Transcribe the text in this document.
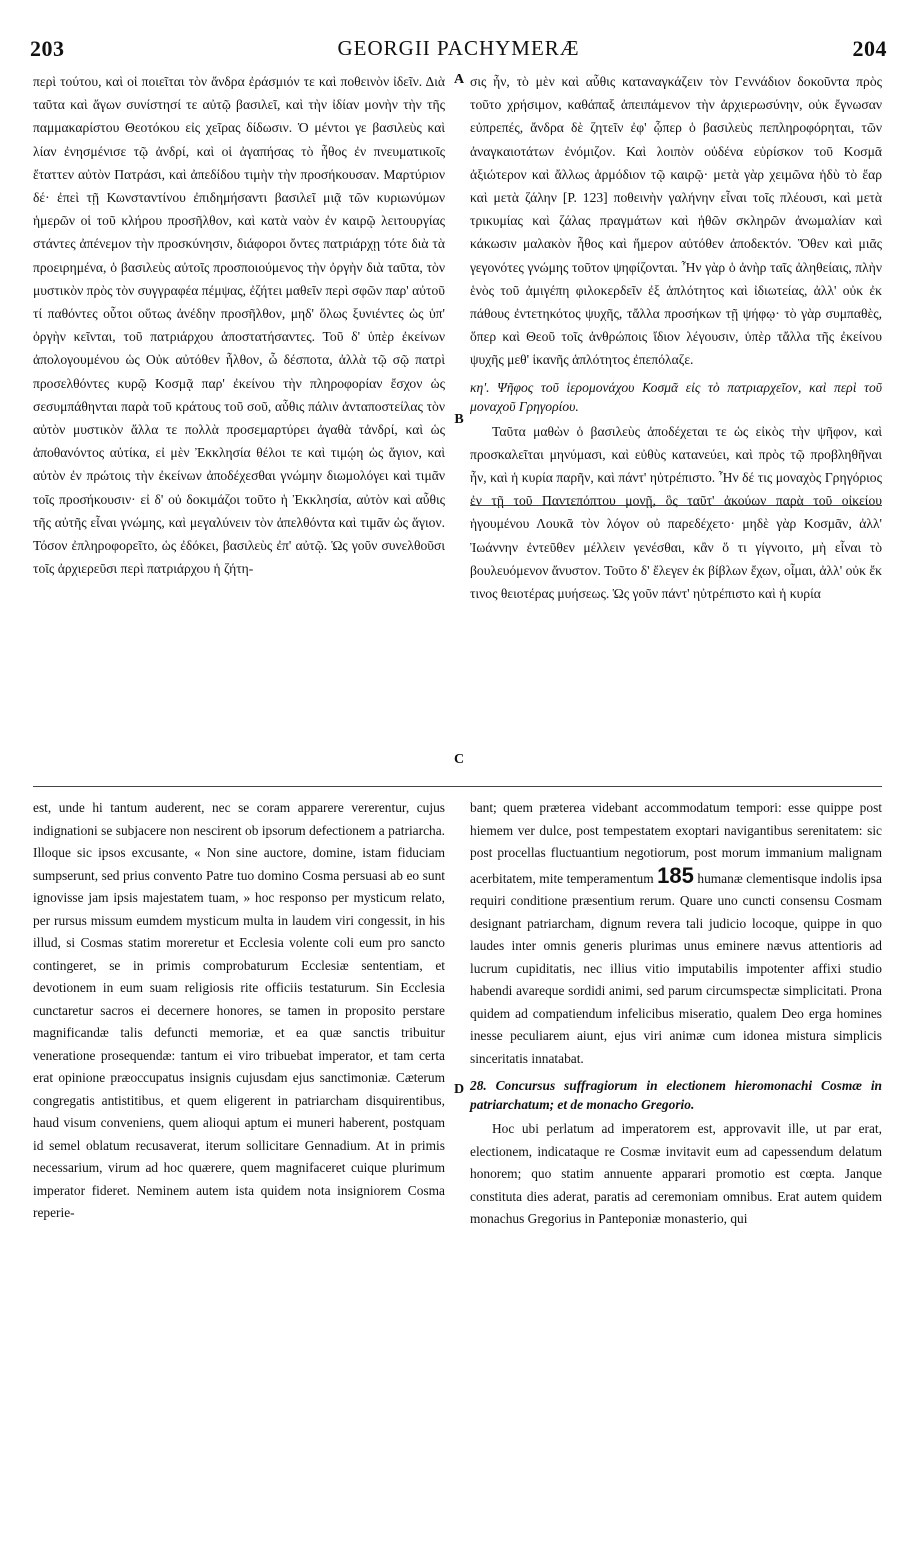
203	GEORGII PACHYMERÆ	204

περὶ τούτου, καὶ οἱ ποιεῖται τὸν ἄνδρα ἐράσμιόν τε καὶ ποθεινὸν ἰδεῖν. Διὰ ταῦτα καὶ ἄγων συνίστησί τε αὐτῷ βασιλεῖ, καὶ τὴν ἰδίαν μονὴν τὴν τῆς παμμακαρίστου Θεοτόκου εἰς χεῖρας δίδωσιν. Ὁ μέντοι γε βασιλεὺς καὶ λίαν ἐνησμένισε τῷ ἀνδρί, καὶ οἱ ἀγαπήσας τὸ ἦθος ἐν πνευματικοῖς ἔταττεν αὐτὸν Πατράσι, καὶ ἀπεδίδου τιμὴν τὴν προσήκουσαν. Μαρτύριον δέ· ἐπεὶ τῇ Κωνσταντίνου ἐπιδημήσαντι βασιλεῖ μιᾷ τῶν κυριωνύμων ἡμερῶν οἱ τοῦ κλήρου προσῆλθον, καὶ κατὰ ναὸν ἐν καιρῷ λειτουργίας στάντες ἀπένεμον τὴν προσκύνησιν, διάφοροι ὄντες πατριάρχῃ τότε διὰ τὰ προειρημένα, ὁ βασιλεὺς αὐτοῖς προσποιούμενος τὴν ὀργὴν διὰ ταῦτα, τὸν μυστικὸν πρὸς τὸν συγγραφέα πέμψας, ἐζήτει μαθεῖν περὶ σφῶν παρ' αὐτοῦ τί παθόντες οὗτοι οὕτως ἀνέδην προσῆλθον, μηδ' ὅλως ξυνιέντες ὡς ὑπ' ὀργὴν κεῖνται, τοῦ πατριάρχου ἀποστατήσαντες. Τοῦ δ' ὑπὲρ ἐκείνων ἀπολογουμένου ὡς Οὐκ αὐτόθεν ἦλθον, ὦ δέσποτα, ἀλλὰ τῷ σῷ πατρὶ προσελθόντες κυρῷ Κοσμᾷ παρ' ἐκείνου τὴν πληροφορίαν ἔσχον ὡς σεσυμπάθηνται παρὰ τοῦ κράτους τοῦ σοῦ, αὖθις πάλιν ἀνταποστείλας τὸν αὐτὸν μυστικὸν ἄλλα τε πολλὰ προσεμαρτύρει ἀγαθὰ τἀνδρί, καὶ ὡς ἀποθανόντος αὐτίκα, εἰ μὲν Ἐκκλησία θέλοι τε καὶ τιμῴη ὡς ἅγιον, καὶ αὐτὸν ἐν πρώτοις τὴν ἐκείνων ἀποδέχεσθαι γνώμην διωμολόγει καὶ τιμᾶν τοῖς προσήκουσιν· εἰ δ' οὐ δοκιμάζοι τοῦτο ἡ Ἐκκλησία, αὐτὸν καὶ αὖθις τῆς αὐτῆς εἶναι γνώμης, καὶ μεγαλύνειν τὸν ἀπελθόντα καὶ τιμᾶν ὡς ἅγιον. Τόσον ἐπληροφορεῖτο, ὡς ἐδόκει, βασιλεὺς ἐπ' αὐτῷ. Ὡς γοῦν συνελθοῦσι τοῖς ἀρχιερεῦσι περὶ πατριάρχου ἡ ζήτη-

σις ἦν, τὸ μὲν καὶ αὖθις καταναγκάζειν τὸν Γεννάδιον δοκοῦντα πρὸς τοῦτο χρήσιμον, καθάπαξ ἀπειπάμενον τὴν ἀρχιερωσύνην, οὐκ ἔγνωσαν εὐπρεπές, ἄνδρα δὲ ζητεῖν ἐφ' ᾧπερ ὁ βασιλεὺς πεπληροφόρηται, τῶν ἀναγκαιοτάτων ἐνόμιζον. Καὶ λοιπὸν οὐδένα εὑρίσκον τοῦ Κοσμᾶ ἀξιώτερον καὶ ἄλλως ἁρμόδιον τῷ καιρῷ· μετὰ γὰρ χειμῶνα ἡδὺ τὸ ἔαρ καὶ μετὰ ζάλην [P. 123] ποθεινὴν γαλήνην εἶναι τοῖς πλέουσι, καὶ μετὰ τρικυμίας καὶ ζάλας πραγμάτων καὶ ἠθῶν σκληρῶν ἀνωμαλίαν καὶ κάκωσιν μαλακὸν ἦθος καὶ ἥμερον αὐτόθεν ἀποδεκτόν. Ὅθεν καὶ μιᾶς γεγονότες γνώμης τοῦτον ψηφίζονται. Ἦν γὰρ ὁ ἀνὴρ ταῖς ἀληθείαις, πλὴν ἑνὸς τοῦ ἀμιγέπη φιλοκερδεῖν ἐξ ἁπλότητος καὶ ἰδιωτείας, ἀλλ' οὐκ ἐκ πάθους ἐντετηκότος ψυχῆς, τἄλλα προσήκων τῇ ψήφῳ· τὸ γὰρ συμπαθὲς, ὅπερ καὶ Θεοῦ τοῖς ἀνθρώποις ἴδιον λέγουσιν, ὑπὲρ τἄλλα τῆς ἐκείνου ψυχῆς μεθ' ἱκανῆς ἁπλότητος ἐπεπόλαζε.

κη'. Ψῆφος τοῦ ἱερομονάχου Κοσμᾶ εἰς τὸ πατριαρχεῖον, καὶ περὶ τοῦ μοναχοῦ Γρηγορίου.

Ταῦτα μαθὼν ὁ βασιλεὺς ἀποδέχεται τε ὡς εἰκὸς τὴν ψῆφον, καὶ προσκαλεῖται μηνύμασι, καὶ εὐθὺς κατανεύει, καὶ πρὸς τῷ προβληθῆναι ἦν, καὶ ἡ κυρία παρῆν, καὶ πάντ' ηὐτρέπιστο. Ἦν δέ τις μοναχὸς Γρηγόριος ἐν τῇ τοῦ Παντεπόπτου μονῇ, ὃς ταῦτ' ἀκούων παρὰ τοῦ οἰκείου ἡγουμένου Λουκᾶ τὸν λόγον οὐ παρεδέχετο· μηδὲ γὰρ Κοσμᾶν, ἀλλ' Ἰωάννην ἐντεῦθεν μέλλειν γενέσθαι, κἂν ὅ τι γίγνοιτο, μὴ εἶναι τὸ βουλευόμενον ἄνυστον. Τοῦτο δ' ἔλεγεν ἐκ βίβλων ἔχων, οἶμαι, ἀλλ' οὐκ ἔκ τινος θειοτέρας μυήσεως. Ὡς γοῦν πάντ' ηὐτρέπιστο καὶ ἡ κυρία

A
B
C
D

est, unde hi tantum auderent, nec se coram apparere vererentur, cujus indignationi se subjacere non nescirent ob ipsorum defectionem a patriarcha. Illoque sic ipsos excusante, « Non sine auctore, domine, istam fiduciam sumpserunt, sed prius convento Patre tuo domino Cosma persuasi ab eo sunt ignovisse jam ipsis majestatem tuam, » hoc responso per mysticum relato, per rursus missum eumdem mysticum multa in laudem viri congessit, in his illud, si Cosmas statim moreretur et Ecclesia volente coli eum pro sancto contingeret, se in primis comprobaturum Ecclesiæ sententiam, et devotionem in eum suam religiosis rite officiis testaturum. Sin Ecclesia cunctaretur sacros ei decernere honores, se tamen in proposito perstare magnificandæ talis defuncti memoriæ, et ea quæ sanctis tribuitur veneratione prosequendæ: tantum ei viro tribuebat imperator, et tam certa erat opinione præoccupatus insignis cujusdam ejus sanctimoniæ. Cæterum congregatis antistitibus, et quem eligerent in patriarcham disquirentibus, haud visum conveniens, quem alioqui aptum ei muneri haberent, postquam id semel oblatum recusaverat, iterum sollicitare Gennadium. At in primis necessarium, virum ad hoc quærere, quem magnifaceret cuique plurimum imperator fideret. Neminem autem ista quidem nota insigniorem Cosma reperie-

bant; quem præterea videbant accommodatum tempori: esse quippe post hiemem ver dulce, post tempestatem exoptari navigantibus serenitatem: sic post procellas fluctuantium negotiorum, post morum immanium malignam acerbitatem, mite temperamentum 185 humanæ clementisque indolis ipsa requiri conditione præsentium rerum. Quare uno cuncti consensu Cosmam designant patriarcham, dignum revera tali judicio locoque, quippe in quo laudes inter omnis generis plurimas unus eminere nævus attentioris ad lucrum cupiditatis, nec illius vitio imputabilis impotenter affixi studio habendi avareque sordidi animi, sed parum circumspectæ simplicitati. Prona quidem ad compatiendum infelicibus miseratio, qualem Deo erga homines inesse peculiarem aiunt, ejus viri animæ cum idonea mistura simplicis sinceritatis innatabat.

28. Concursus suffragiorum in electionem hieromonachi Cosmæ in patriarchatum; et de monacho Gregorio.

Hoc ubi perlatum ad imperatorem est, approvavit ille, ut par erat, electionem, indicataque re Cosmæ invitavit eum ad capessendum delatum honorem; quo statim annuente apparari promotio est cœpta. Janque constituta dies aderat, paratis ad ceremoniam omnibus. Erat autem quidem monachus Gregorius in Panteponiæ monasterio, qui
